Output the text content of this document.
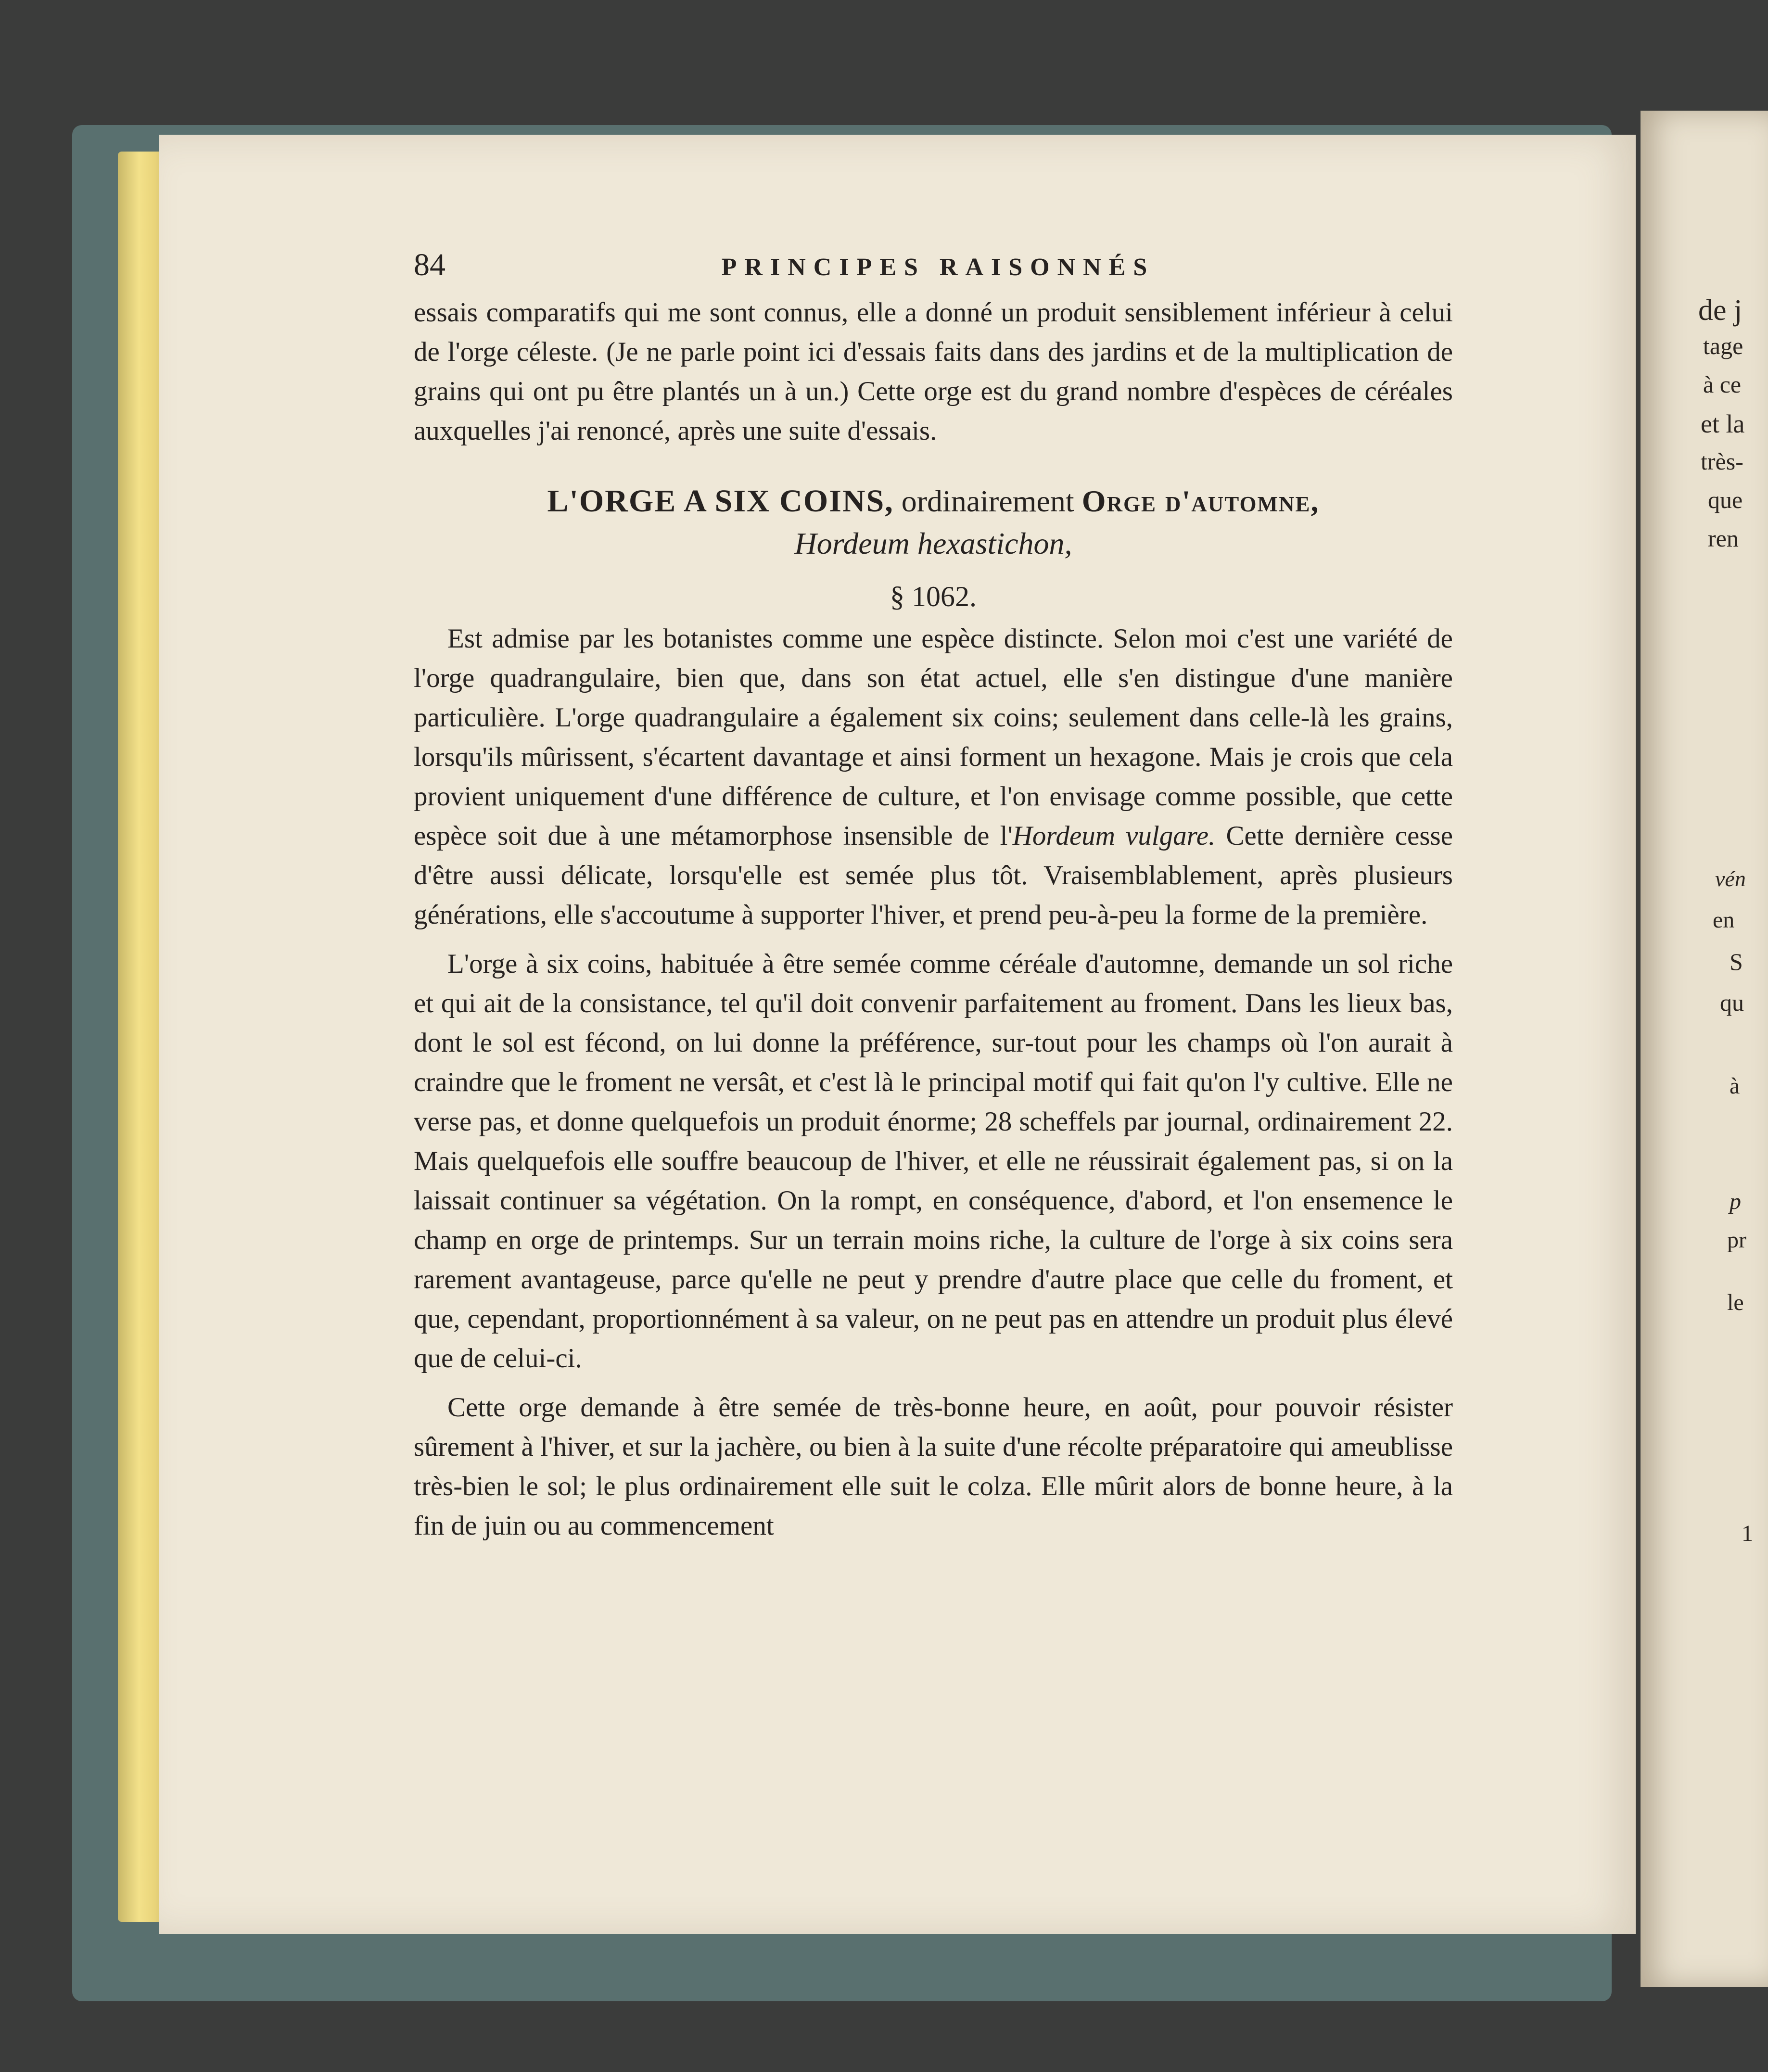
de j
tage
à ce
et la
très-
que
ren
vén
en
S
qu
à
p
pr
le
1
84	PRINCIPES RAISONNÉS

essais comparatifs qui me sont connus, elle a donné un produit sensiblement inférieur à celui de l'orge céleste. (Je ne parle point ici d'essais faits dans des jardins et de la multiplication de grains qui ont pu être plantés un à un.) Cette orge est du grand nombre d'espèces de céréales auxquelles j'ai renoncé, après une suite d'essais.

L'ORGE A SIX COINS, ordinairement Orge d'automne,
Hordeum hexastichon,
§ 1062.

Est admise par les botanistes comme une espèce distincte. Selon moi c'est une variété de l'orge quadrangulaire, bien que, dans son état actuel, elle s'en distingue d'une manière particulière. L'orge quadrangulaire a également six coins; seulement dans celle-là les grains, lorsqu'ils mûrissent, s'écartent davantage et ainsi forment un hexagone. Mais je crois que cela provient uniquement d'une différence de culture, et l'on envisage comme possible, que cette espèce soit due à une métamorphose insensible de l'Hordeum vulgare. Cette dernière cesse d'être aussi délicate, lorsqu'elle est semée plus tôt. Vraisemblablement, après plusieurs générations, elle s'accoutume à supporter l'hiver, et prend peu-à-peu la forme de la première.

L'orge à six coins, habituée à être semée comme céréale d'automne, demande un sol riche et qui ait de la consistance, tel qu'il doit convenir parfaitement au froment. Dans les lieux bas, dont le sol est fécond, on lui donne la préférence, sur-tout pour les champs où l'on aurait à craindre que le froment ne versât, et c'est là le principal motif qui fait qu'on l'y cultive. Elle ne verse pas, et donne quelquefois un produit énorme; 28 scheffels par journal, ordinairement 22. Mais quelquefois elle souffre beaucoup de l'hiver, et elle ne réussirait également pas, si on la laissait continuer sa végétation. On la rompt, en conséquence, d'abord, et l'on ensemence le champ en orge de printemps. Sur un terrain moins riche, la culture de l'orge à six coins sera rarement avantageuse, parce qu'elle ne peut y prendre d'autre place que celle du froment, et que, cependant, proportionnément à sa valeur, on ne peut pas en attendre un produit plus élevé que de celui-ci.

Cette orge demande à être semée de très-bonne heure, en août, pour pouvoir résister sûrement à l'hiver, et sur la jachère, ou bien à la suite d'une récolte préparatoire qui ameublisse très-bien le sol; le plus ordinairement elle suit le colza. Elle mûrit alors de bonne heure, à la fin de juin ou au commencement
